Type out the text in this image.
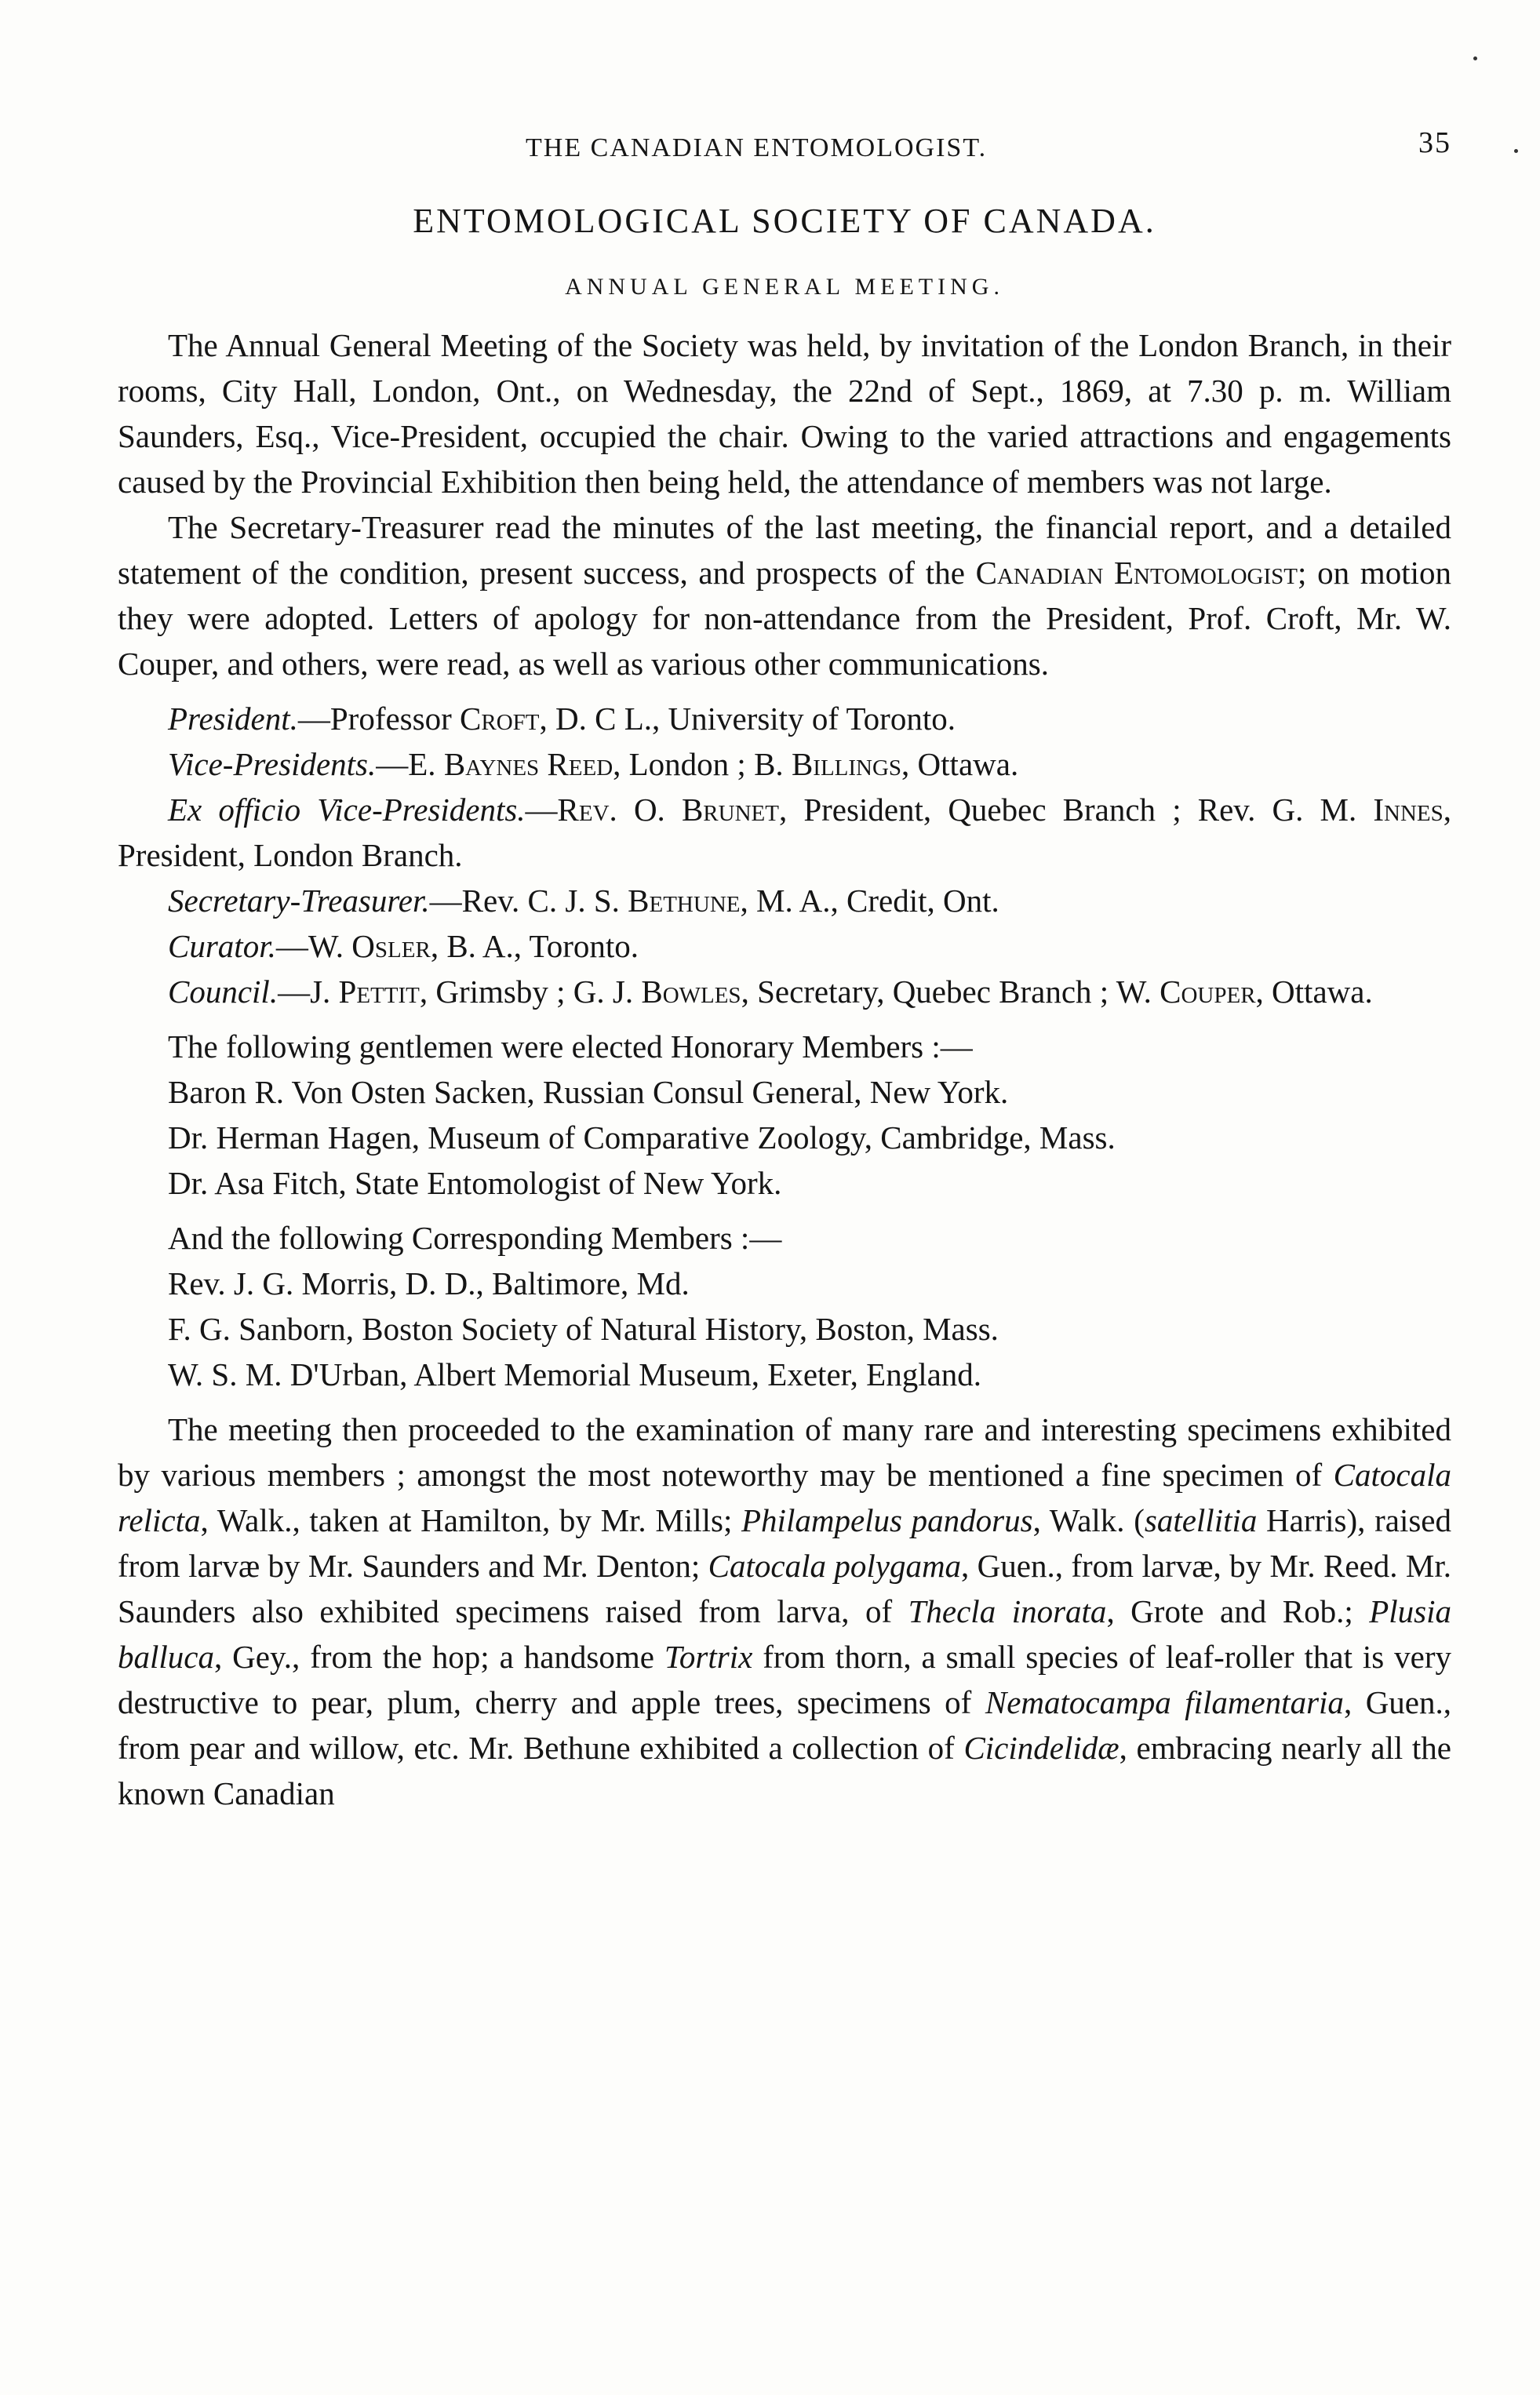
THE CANADIAN ENTOMOLOGIST.	35
ENTOMOLOGICAL SOCIETY OF CANADA.
ANNUAL GENERAL MEETING.

The Annual General Meeting of the Society was held, by invitation of the London Branch, in their rooms, City Hall, London, Ont., on Wednesday, the 22nd of Sept., 1869, at 7.30 p. m. William Saunders, Esq., Vice-President, occupied the chair. Owing to the varied attractions and engagements caused by the Provincial Exhibition then being held, the attendance of members was not large.

The Secretary-Treasurer read the minutes of the last meeting, the financial report, and a detailed statement of the condition, present success, and prospects of the Canadian Entomologist; on motion they were adopted. Letters of apology for non-attendance from the President, Prof. Croft, Mr. W. Couper, and others, were read, as well as various other communications.

President.—Professor Croft, D. C L., University of Toronto.

Vice-Presidents.—E. Baynes Reed, London ; B. Billings, Ottawa.

Ex officio Vice-Presidents.—Rev. O. Brunet, President, Quebec Branch ; Rev. G. M. Innes, President, London Branch.

Secretary-Treasurer.—Rev. C. J. S. Bethune, M. A., Credit, Ont.

Curator.—W. Osler, B. A., Toronto.

Council.—J. Pettit, Grimsby ; G. J. Bowles, Secretary, Quebec Branch ; W. Couper, Ottawa.

The following gentlemen were elected Honorary Members :—

Baron R. Von Osten Sacken, Russian Consul General, New York.

Dr. Herman Hagen, Museum of Comparative Zoology, Cambridge, Mass.

Dr. Asa Fitch, State Entomologist of New York.

And the following Corresponding Members :—

Rev. J. G. Morris, D. D., Baltimore, Md.

F. G. Sanborn, Boston Society of Natural History, Boston, Mass.

W. S. M. D'Urban, Albert Memorial Museum, Exeter, England.

The meeting then proceeded to the examination of many rare and interesting specimens exhibited by various members ; amongst the most noteworthy may be mentioned a fine specimen of Catocala relicta, Walk., taken at Hamilton, by Mr. Mills; Philampelus pandorus, Walk. (satellitia Harris), raised from larvæ by Mr. Saunders and Mr. Denton; Catocala polygama, Guen., from larvæ, by Mr. Reed. Mr. Saunders also exhibited specimens raised from larva, of Thecla inorata, Grote and Rob.; Plusia balluca, Gey., from the hop; a handsome Tortrix from thorn, a small species of leaf-roller that is very destructive to pear, plum, cherry and apple trees, specimens of Nematocampa filamentaria, Guen., from pear and willow, etc. Mr. Bethune exhibited a collection of Cicindelidæ, embracing nearly all the known Canadian
